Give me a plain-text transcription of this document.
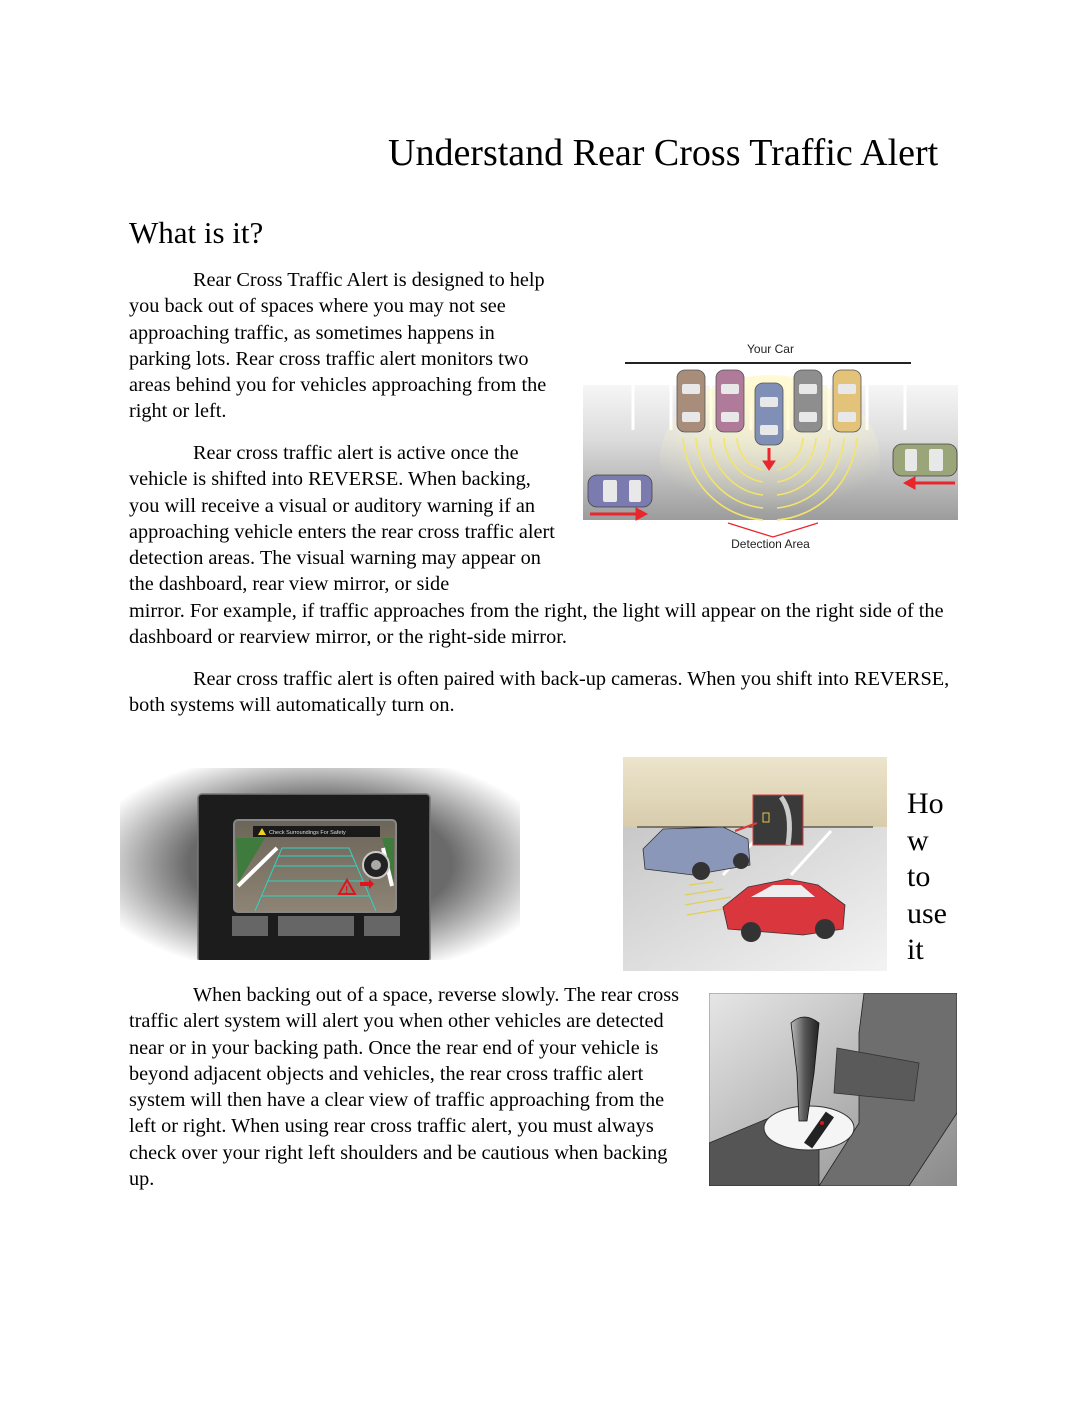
Understand Rear Cross Traffic Alert
What is it?
Rear Cross Traffic Alert is designed to help you back out of spaces where you may not see approaching traffic, as sometimes happens in parking lots. Rear cross traffic alert monitors two areas behind you for vehicles approaching from the right or left.
Rear cross traffic alert is active once the vehicle is shifted into REVERSE. When backing, you will receive a visual or auditory warning if an approaching vehicle enters the rear cross traffic alert detection areas. The visual warning may appear on the dashboard, rear view mirror, or side
mirror. For example, if traffic approaches from the right, the light will appear on the right side of the dashboard or rearview mirror, or the right-side mirror.
Rear cross traffic alert is often paired with back-up cameras. When you shift into REVERSE, both systems will automatically turn on.
Your Car
Detection Area
Check Surroundings For Safety
!
Ho
w
to
use
it
When backing out of a space, reverse slowly. The rear cross traffic alert system will alert you when other vehicles are detected near or in your backing path. Once the rear end of your vehicle is beyond adjacent objects and vehicles, the rear cross traffic alert system will then have a clear view of traffic approaching from the left or right. When using rear cross traffic alert, you must always check over your right left shoulders and be cautious when backing up.
